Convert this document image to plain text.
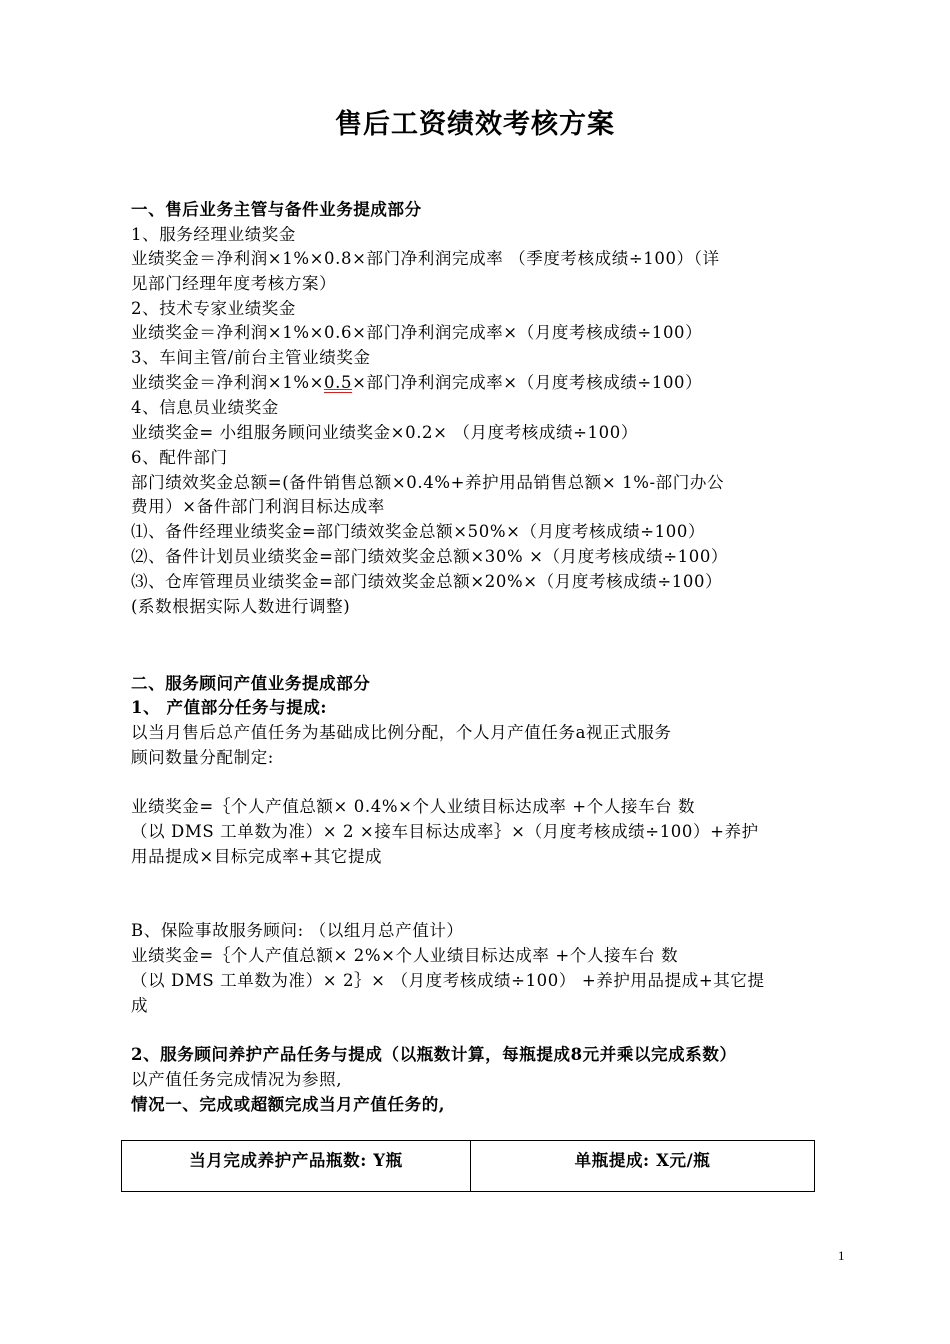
售后工资绩效考核方案
一、售后业务主管与备件业务提成部分
1、服务经理业绩奖金
业绩奖金＝净利润×1%×0.8×部门净利润完成率 （季度考核成绩÷100）（详
见部门经理年度考核方案）
2、技术专家业绩奖金
业绩奖金＝净利润×1%×0.6×部门净利润完成率×（月度考核成绩÷100）
3、车间主管/前台主管业绩奖金
业绩奖金＝净利润×1%×0.5×部门净利润完成率×（月度考核成绩÷100）
4、信息员业绩奖金
业绩奖金= 小组服务顾问业绩奖金×0.2× （月度考核成绩÷100）
6、配件部门
部门绩效奖金总额=(备件销售总额×0.4%+养护用品销售总额× 1%-部门办公
费用）×备件部门利润目标达成率
⑴、备件经理业绩奖金=部门绩效奖金总额×50%×（月度考核成绩÷100）
⑵、备件计划员业绩奖金=部门绩效奖金总额×30% ×（月度考核成绩÷100）
⑶、仓库管理员业绩奖金=部门绩效奖金总额×20%×（月度考核成绩÷100）
(系数根据实际人数进行调整)
二、服务顾问产值业务提成部分
1、 产值部分任务与提成:
以当月售后总产值任务为基础成比例分配，个人月产值任务a视正式服务
顾问数量分配制定:
业绩奖金=｛个人产值总额× 0.4%×个人业绩目标达成率 +个人接车台 数
（以 DMS 工单数为准）× 2 ×接车目标达成率｝×（月度考核成绩÷100）+养护
用品提成×目标完成率+其它提成
B、保险事故服务顾问: （以组月总产值计）
业绩奖金=｛个人产值总额× 2%×个人业绩目标达成率 +个人接车台 数
（以 DMS 工单数为准）× 2｝× （月度考核成绩÷100） +养护用品提成+其它提
成
2、服务顾问养护产品任务与提成（以瓶数计算，每瓶提成8元并乘以完成系数）
以产值任务完成情况为参照,
情况一、完成或超额完成当月产值任务的,
当月完成养护产品瓶数: Y瓶	单瓶提成: X元/瓶
1
